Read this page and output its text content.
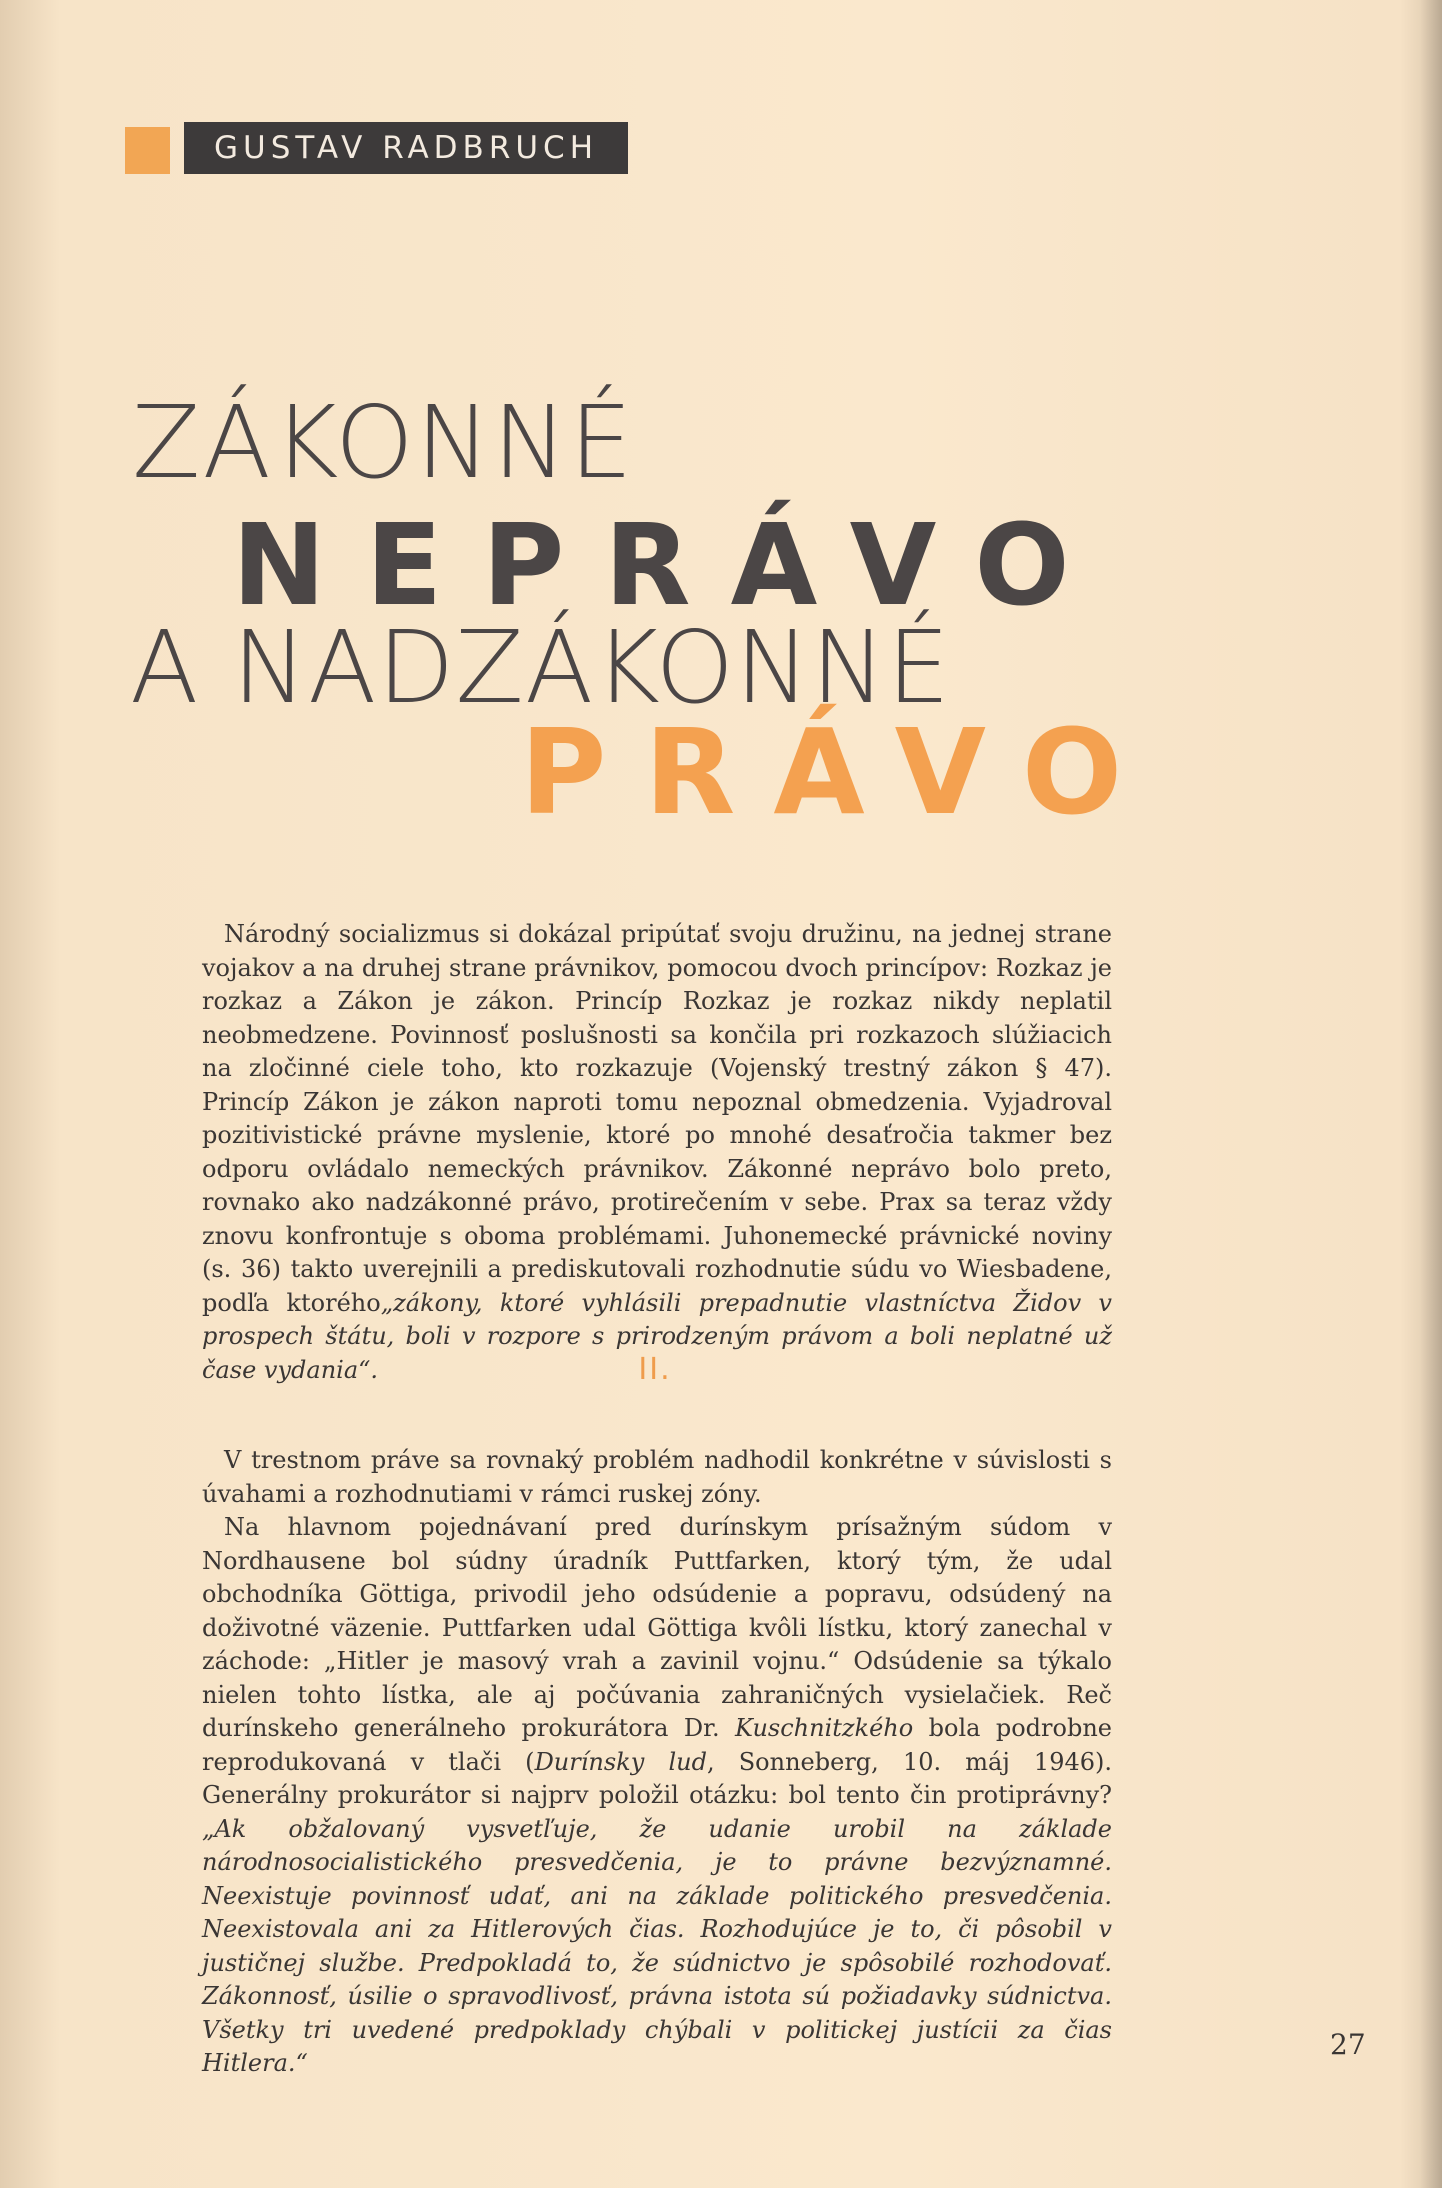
GUSTAV RADBRUCH
ZÁKONNÉ
NEPRÁVO
A NADZÁKONNÉ
PRÁVO

Národný socializmus si dokázal pripútať svoju družinu, na jednej strane vojakov a na druhej strane právnikov, pomocou dvoch princípov: Rozkaz je rozkaz a Zákon je zákon. Princíp Rozkaz je rozkaz nikdy neplatil neobmedzene. Povinnosť poslušnosti sa končila pri rozkazoch slúžiacich na zločinné ciele toho, kto rozkazuje (Vojenský trestný zákon § 47). Princíp Zákon je zákon naproti tomu nepoznal obmedzenia. Vyjadroval pozitivistické právne myslenie, ktoré po mnohé desaťročia takmer bez odporu ovládalo nemeckých právnikov. Zákonné neprávo bolo preto, rovnako ako nadzákonné právo, protirečením v sebe. Prax sa teraz vždy znovu konfrontuje s oboma problémami. Juhonemecké právnické noviny (s. 36) takto uverejnili a prediskutovali rozhodnutie súdu vo Wiesbadene, podľa ktorého„zákony, ktoré vyhlásili prepadnutie vlastníctva Židov v prospech štátu, boli v rozpore s prirodzeným právom a boli neplatné už čase vydania“.	II.

V trestnom práve sa rovnaký problém nadhodil konkrétne v súvislosti s úvahami a rozhodnutiami v rámci ruskej zóny.

Na hlavnom pojednávaní pred durínskym prísažným súdom v Nordhausene bol súdny úradník Puttfarken, ktorý tým, že udal obchodníka Göttiga, privodil jeho odsúdenie a popravu, odsúdený na doživotné väzenie. Puttfarken udal Göttiga kvôli lístku, ktorý zanechal v záchode: „Hitler je masový vrah a zavinil vojnu.“ Odsúdenie sa týkalo nielen tohto lístka, ale aj počúvania zahraničných vysielačiek. Reč durínskeho generálneho prokurátora Dr. Kuschnitzkého bola podrobne reprodukovaná v tlači (Durínsky lud, Sonneberg, 10. máj 1946). Generálny prokurátor si najprv položil otázku: bol tento čin protiprávny? „Ak obžalovaný vysvetľuje, že udanie urobil na základe národnosocialistického presvedčenia, je to právne bezvýznamné. Neexistuje povinnosť udať, ani na základe politického presvedčenia. Neexistovala ani za Hitlerových čias. Rozhodujúce je to, či pôsobil v justičnej službe. Predpokladá to, že súdnictvo je spôsobilé rozhodovať. Zákonnosť, úsilie o spravodlivosť, právna istota sú požiadavky súdnictva. Všetky tri uvedené predpoklady chýbali v politickej justícii za čias Hitlera.“

27
